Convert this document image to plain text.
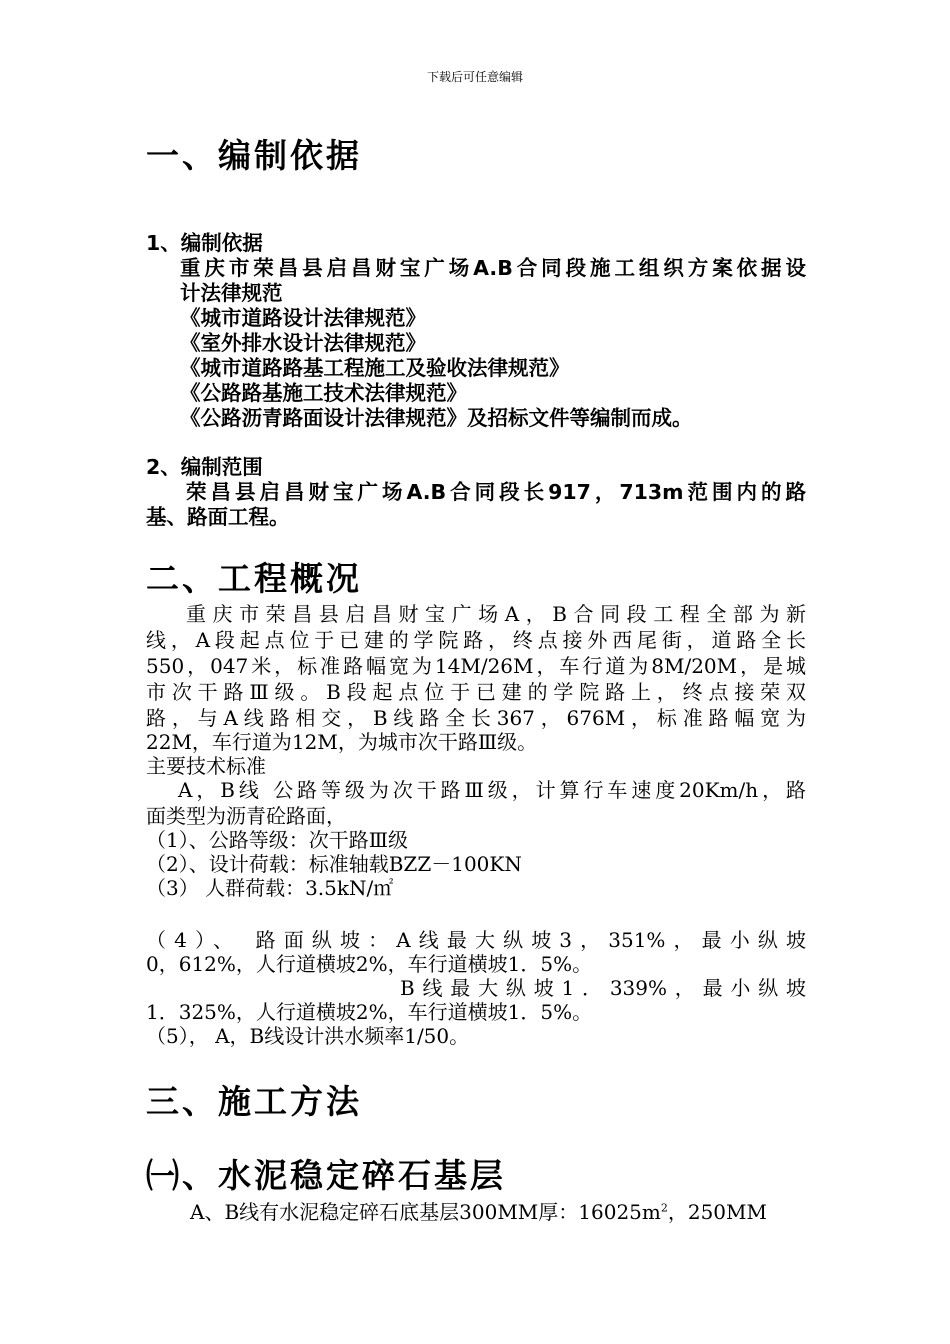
下载后可任意编辑
一、编制依据
1、编制依据
重庆市荣昌县启昌财宝广场A.B合同段施工组织方案依据设
计法律规范
《城市道路设计法律规范》
《室外排水设计法律规范》
《城市道路路基工程施工及验收法律规范》
《公路路基施工技术法律规范》
《公路沥青路面设计法律规范》及招标文件等编制而成。
2、编制范围
荣昌县启昌财宝广场A.B合同段长917，713m范围内的路
基、路面工程。
二、工程概况
重庆市荣昌县启昌财宝广场A，B合同段工程全部为新
线，A段起点位于已建的学院路，终点接外西尾街，道路全长
550，047米，标准路幅宽为14M/26M，车行道为8M/20M，是城
市次干路Ⅲ级。B段起点位于已建的学院路上，终点接荣双
路，与A线路相交，B线路全长367，676M，标准路幅宽为
22M，车行道为12M，为城市次干路Ⅲ级。
主要技术标准
A，B线 公路等级为次干路Ⅲ级，计算行车速度20Km/h，路
面类型为沥青砼路面，
（1）、公路等级：次干路Ⅲ级
（2）、设计荷载：标准轴载BZZ－100KN
（3） 人群荷载：3.5kN/㎡
（4）、 路面纵坡：A线最大纵坡3，351%，最小纵坡
0，612%，人行道横坡2%，车行道横坡1．5%。
B线最大纵坡1．339%，最小纵坡
1．325%，人行道横坡2%，车行道横坡1．5%。
（5）， A，B线设计洪水频率1/50。
三、施工方法
㈠、水泥稳定碎石基层
A、B线有水泥稳定碎石底基层300MM厚：$16025m^2$，250MM
